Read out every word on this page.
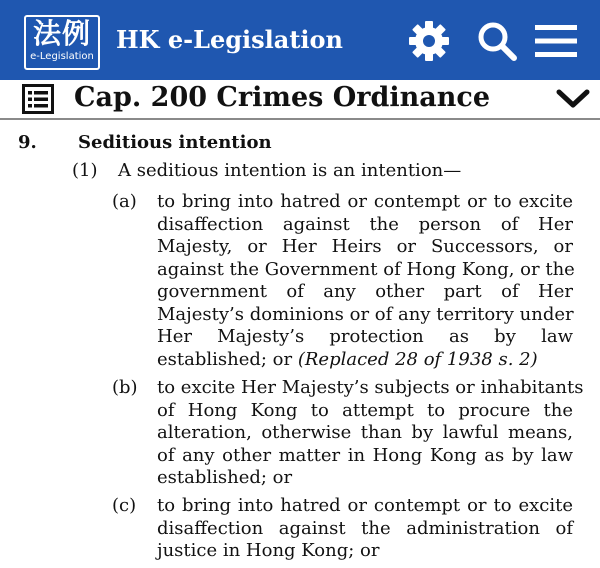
法例
e-Legislation
HK e-Legislation
Cap. 200 Crimes Ordinance
9. Seditious intention
(1) A seditious intention is an intention—
(a)	to bring into hatred or contempt or to excite
disaffection against the person of Her
Majesty, or Her Heirs or Successors, or
against the Government of Hong Kong, or the
government of any other part of Her
Majesty’s dominions or of any territory under
Her Majesty’s protection as by law
established; or (Replaced 28 of 1938 s. 2)
(b)	to excite Her Majesty’s subjects or inhabitants
of Hong Kong to attempt to procure the
alteration, otherwise than by lawful means,
of any other matter in Hong Kong as by law
established; or
(c)	to bring into hatred or contempt or to excite
disaffection against the administration of
justice in Hong Kong; or
